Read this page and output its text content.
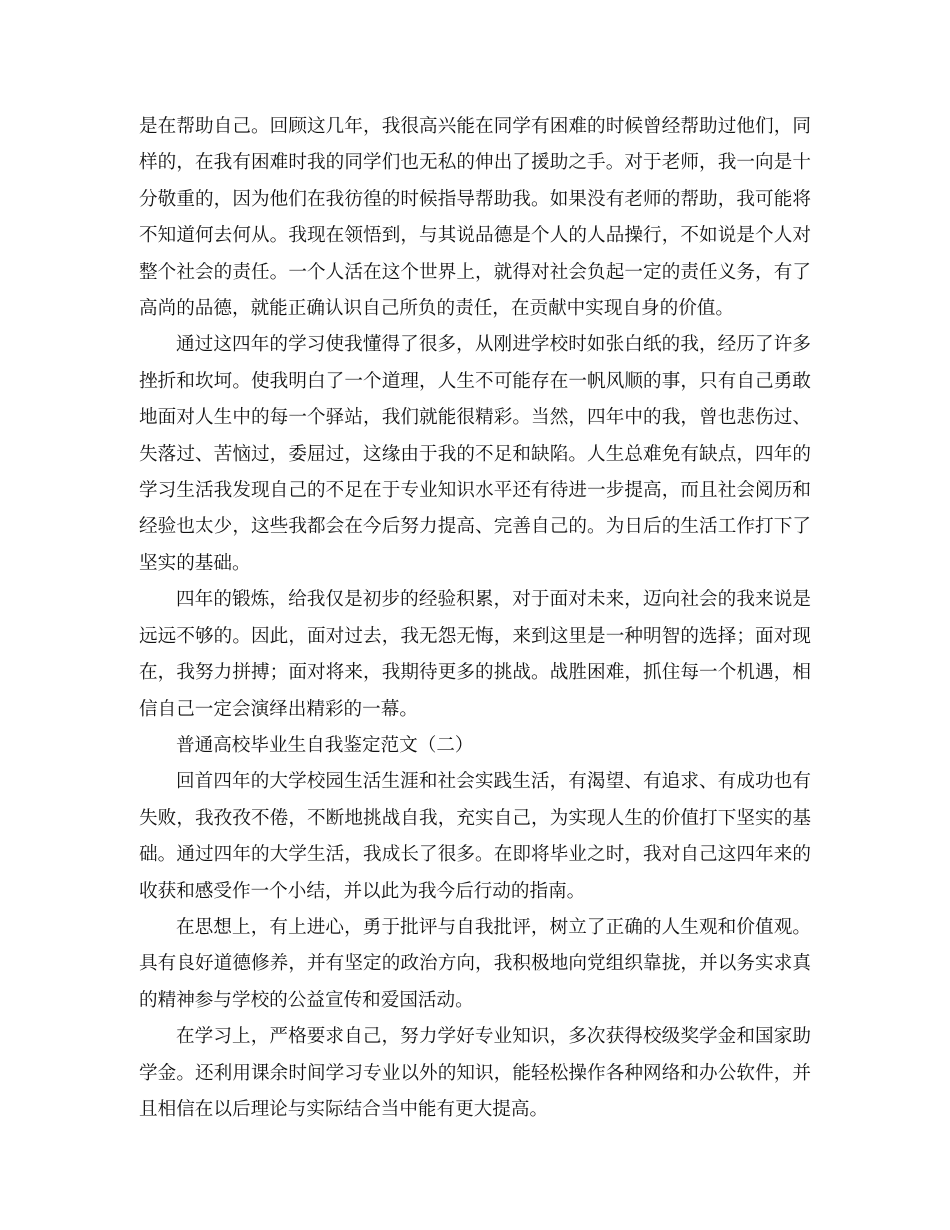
是在帮助自己。回顾这几年，我很高兴能在同学有困难的时候曾经帮助过他们，同样的，在我有困难时我的同学们也无私的伸出了援助之手。对于老师，我一向是十分敬重的，因为他们在我彷徨的时候指导帮助我。如果没有老师的帮助，我可能将不知道何去何从。我现在领悟到，与其说品德是个人的人品操行，不如说是个人对整个社会的责任。一个人活在这个世界上，就得对社会负起一定的责任义务，有了高尚的品德，就能正确认识自己所负的责任，在贡献中实现自身的价值。

通过这四年的学习使我懂得了很多，从刚进学校时如张白纸的我，经历了许多挫折和坎坷。使我明白了一个道理，人生不可能存在一帆风顺的事，只有自己勇敢地面对人生中的每一个驿站，我们就能很精彩。当然，四年中的我，曾也悲伤过、失落过、苦恼过，委屈过，这缘由于我的不足和缺陷。人生总难免有缺点，四年的学习生活我发现自己的不足在于专业知识水平还有待进一步提高，而且社会阅历和经验也太少，这些我都会在今后努力提高、完善自己的。为日后的生活工作打下了坚实的基础。

四年的锻炼，给我仅是初步的经验积累，对于面对未来，迈向社会的我来说是远远不够的。因此，面对过去，我无怨无悔，来到这里是一种明智的选择；面对现在，我努力拼搏；面对将来，我期待更多的挑战。战胜困难，抓住每一个机遇，相信自己一定会演绎出精彩的一幕。

普通高校毕业生自我鉴定范文（二）

回首四年的大学校园生活生涯和社会实践生活，有渴望、有追求、有成功也有失败，我孜孜不倦，不断地挑战自我，充实自己，为实现人生的价值打下坚实的基础。通过四年的大学生活，我成长了很多。在即将毕业之时，我对自己这四年来的收获和感受作一个小结，并以此为我今后行动的指南。

在思想上，有上进心，勇于批评与自我批评，树立了正确的人生观和价值观。具有良好道德修养，并有坚定的政治方向，我积极地向党组织靠拢，并以务实求真的精神参与学校的公益宣传和爱国活动。

在学习上，严格要求自己，努力学好专业知识，多次获得校级奖学金和国家助学金。还利用课余时间学习专业以外的知识，能轻松操作各种网络和办公软件，并且相信在以后理论与实际结合当中能有更大提高。
